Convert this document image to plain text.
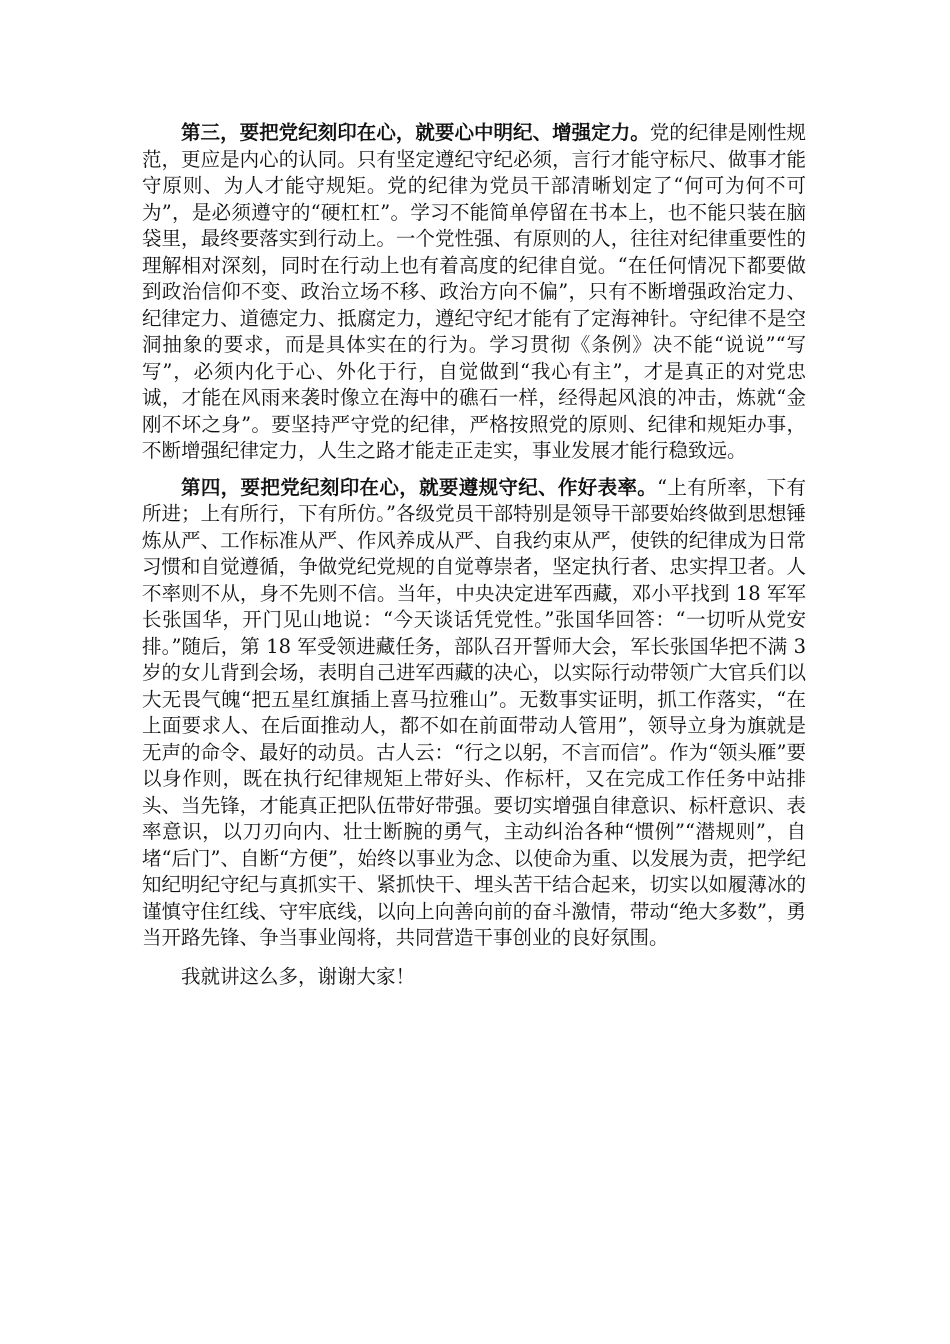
第三，要把党纪刻印在心，就要心中明纪、增强定力。党的纪律是刚性规范，更应是内心的认同。只有坚定遵纪守纪必须，言行才能守标尺、做事才能守原则、为人才能守规矩。党的纪律为党员干部清晰划定了“何可为何不可为”，是必须遵守的“硬杠杠”。学习不能简单停留在书本上，也不能只装在脑袋里，最终要落实到行动上。一个党性强、有原则的人，往往对纪律重要性的理解相对深刻，同时在行动上也有着高度的纪律自觉。“在任何情况下都要做到政治信仰不变、政治立场不移、政治方向不偏”，只有不断增强政治定力、纪律定力、道德定力、抵腐定力，遵纪守纪才能有了定海神针。守纪律不是空洞抽象的要求，而是具体实在的行为。学习贯彻《条例》决不能“说说”“写写”，必须内化于心、外化于行，自觉做到“我心有主”，才是真正的对党忠诚，才能在风雨来袭时像立在海中的礁石一样，经得起风浪的冲击，炼就“金刚不坏之身”。要坚持严守党的纪律，严格按照党的原则、纪律和规矩办事，不断增强纪律定力，人生之路才能走正走实，事业发展才能行稳致远。

第四，要把党纪刻印在心，就要遵规守纪、作好表率。“上有所率，下有所进；上有所行，下有所仿。”各级党员干部特别是领导干部要始终做到思想锤炼从严、工作标准从严、作风养成从严、自我约束从严，使铁的纪律成为日常习惯和自觉遵循，争做党纪党规的自觉尊崇者，坚定执行者、忠实捍卫者。人不率则不从，身不先则不信。当年，中央决定进军西藏，邓小平找到 18 军军长张国华，开门见山地说：“今天谈话凭党性。”张国华回答：“一切听从党安排。”随后，第 18 军受领进藏任务，部队召开誓师大会，军长张国华把不满 3 岁的女儿背到会场，表明自己进军西藏的决心，以实际行动带领广大官兵们以大无畏气魄“把五星红旗插上喜马拉雅山”。无数事实证明，抓工作落实，“在上面要求人、在后面推动人，都不如在前面带动人管用”，领导立身为旗就是无声的命令、最好的动员。古人云：“行之以躬，不言而信”。作为“领头雁”要以身作则，既在执行纪律规矩上带好头、作标杆，又在完成工作任务中站排头、当先锋，才能真正把队伍带好带强。要切实增强自律意识、标杆意识、表率意识，以刀刃向内、壮士断腕的勇气，主动纠治各种“惯例”“潜规则”，自堵“后门”、自断“方便”，始终以事业为念、以使命为重、以发展为责，把学纪知纪明纪守纪与真抓实干、紧抓快干、埋头苦干结合起来，切实以如履薄冰的谨慎守住红线、守牢底线，以向上向善向前的奋斗激情，带动“绝大多数”，勇当开路先锋、争当事业闯将，共同营造干事创业的良好氛围。

我就讲这么多，谢谢大家！
